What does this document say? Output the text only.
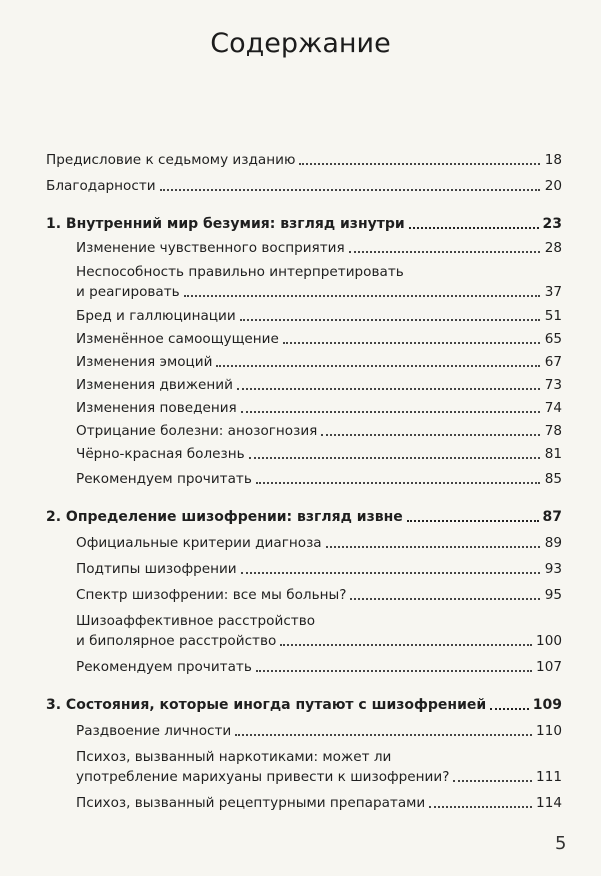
Содержание
Предисловие к седьмому изданию	18
Благодарности	20
1. Внутренний мир безумия: взгляд изнутри	23
Изменение чувственного восприятия	28
Неспособность правильно интерпретировать
и реагировать	37
Бред и галлюцинации	51
Изменённое самоощущение	65
Изменения эмоций	67
Изменения движений	73
Изменения поведения	74
Отрицание болезни: анозогнозия	78
Чёрно-красная болезнь	81
Рекомендуем прочитать	85
2. Определение шизофрении: взгляд извне	87
Официальные критерии диагноза	89
Подтипы шизофрении	93
Спектр шизофрении: все мы больны?	95
Шизоаффективное расстройство
и биполярное расстройство	100
Рекомендуем прочитать	107
3. Состояния, которые иногда путают с шизофренией	109
Раздвоение личности	110
Психоз, вызванный наркотиками: может ли
употребление марихуаны привести к шизофрении?	111
Психоз, вызванный рецептурными препаратами	114
5
